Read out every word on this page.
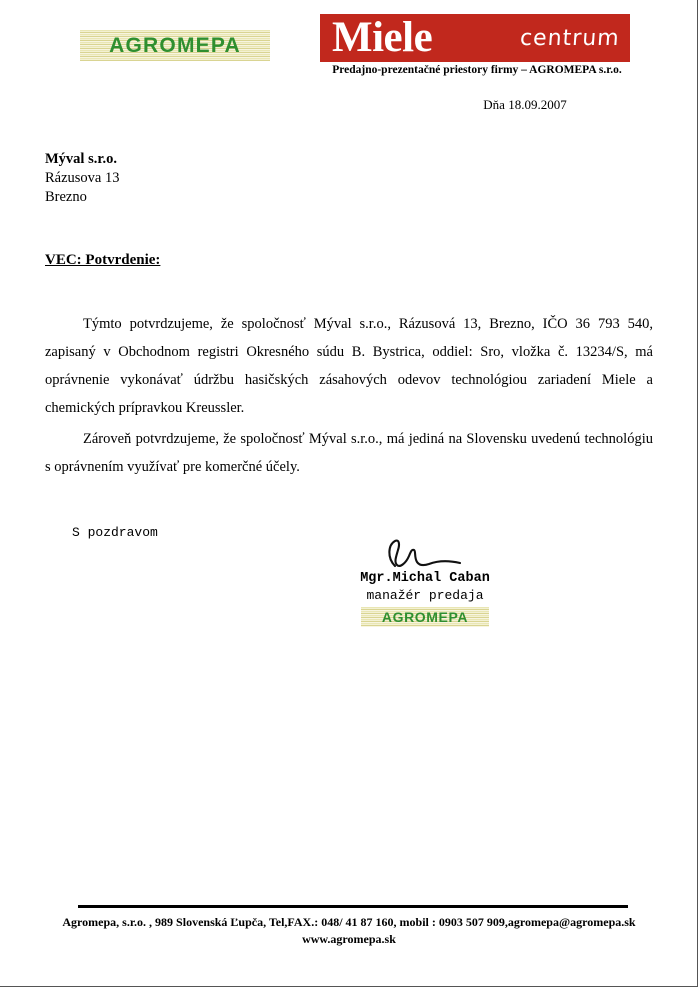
AGROMEPA Miele	centrum
Predajno-prezentačné priestory firmy – AGROMEPA s.r.o.
Dňa 18.09.2007
Mýval s.r.o.
Rázusova 13
Brezno
VEC: Potvrdenie:

Týmto potvrdzujeme, že spoločnosť Mýval s.r.o., Rázusová 13, Brezno, IČO 36 793 540, zapisaný v Obchodnom registri Okresného súdu B. Bystrica, oddiel: Sro, vložka č. 13234/S, má oprávnenie vykonávať údržbu hasičských zásahových odevov technológiou zariadení Miele a chemických prípravkou Kreussler.

Zároveň potvrdzujeme, že spoločnosť Mýval s.r.o., má jediná na Slovensku uvedenú technológiu s oprávnením využívať pre komerčné účely.

S pozdravom
Mgr.Michal Caban
manažér predaja
AGROMEPA
Agromepa, s.r.o. , 989 Slovenská Ľupča, Tel,FAX.: 048/ 41 87 160, mobil : 0903 507 909,agromepa@agromepa.sk
www.agromepa.sk
